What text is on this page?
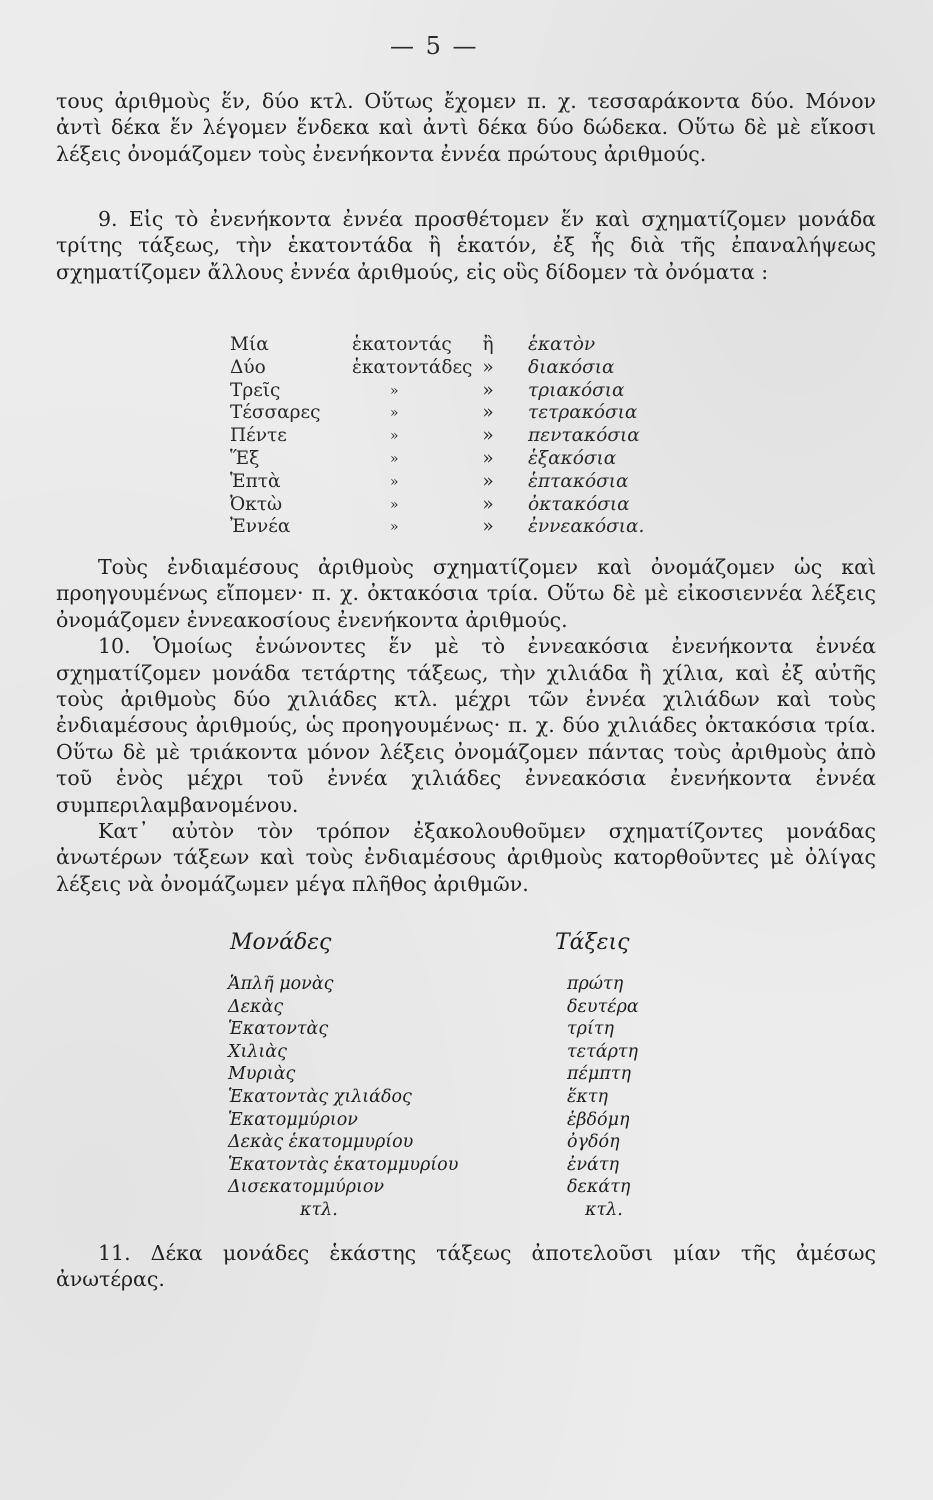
— 5 —

τους ἀριθμοὺς ἕν, δύο κτλ. Οὕτως ἔχομεν π. χ. τεσσαράκοντα δύο. Μόνον ἀντὶ δέκα ἕν λέγομεν ἕνδεκα καὶ ἀντὶ δέκα δύο δώδεκα. Οὕτω δὲ μὲ εἴκοσι λέξεις ὀνομάζομεν τοὺς ἐνενήκοντα ἐννέα πρώτους ἀριθμούς.

9. Εἰς τὸ ἐνενήκοντα ἐννέα προσθέτομεν ἕν καὶ σχηματίζομεν μονάδα τρίτης τάξεως, τὴν ἑκατοντάδα ἢ ἑκατόν, ἐξ ἧς διὰ τῆς ἐπαναλήψεως σχηματίζομεν ἄλλους ἐννέα ἀριθμούς, εἰς οὓς δίδομεν τὰ ὀνόματα :

Μία	ἑκατοντάς ἢ ἑκατὸν
Δύο	ἑκατοντάδες » διακόσια
Τρεῖς	»	» τριακόσια
Τέσσαρες	»	» τετρακόσια
Πέντε	»	» πεντακόσια
Ἕξ	»	» ἑξακόσια
Ἑπτὰ	»	» ἑπτακόσια
Ὀκτὼ	»	» ὀκτακόσια
Ἐννέα	»	» ἐννεακόσια.

Τοὺς ἐνδιαμέσους ἀριθμοὺς σχηματίζομεν καὶ ὀνομάζομεν ὡς καὶ προηγουμένως εἴπομεν· π. χ. ὀκτακόσια τρία. Οὕτω δὲ μὲ εἰκοσιεννέα λέξεις ὀνομάζομεν ἐννεακοσίους ἐνενήκοντα ἀριθμούς.

10. Ὁμοίως ἑνώνοντες ἕν μὲ τὸ ἐννεακόσια ἐνενήκοντα ἐννέα σχηματίζομεν μονάδα τετάρτης τάξεως, τὴν χιλιάδα ἢ χίλια, καὶ ἐξ αὐτῆς τοὺς ἀριθμοὺς δύο χιλιάδες κτλ. μέχρι τῶν ἐννέα χιλιάδων καὶ τοὺς ἐνδιαμέσους ἀριθμούς, ὡς προηγουμένως· π. χ. δύο χιλιάδες ὀκτακόσια τρία. Οὕτω δὲ μὲ τριάκοντα μόνον λέξεις ὀνομάζομεν πάντας τοὺς ἀριθμοὺς ἀπὸ τοῦ ἑνὸς μέχρι τοῦ ἐννέα χιλιάδες ἐννεακόσια ἐνενήκοντα ἐννέα συμπεριλαμβανομένου.

Κατ᾽ αὐτὸν τὸν τρόπον ἐξακολουθοῦμεν σχηματίζοντες μονάδας ἀνωτέρων τάξεων καὶ τοὺς ἐνδιαμέσους ἀριθμοὺς κατορθοῦντες μὲ ὀλίγας λέξεις νὰ ὀνομάζωμεν μέγα πλῆθος ἀριθμῶν.

Μονάδες	Τάξεις
Ἁπλῆ μονὰς	πρώτη
Δεκὰς	δευτέρα
Ἑκατοντὰς	τρίτη
Χιλιὰς	τετάρτη
Μυριὰς	πέμπτη
Ἑκατοντὰς χιλιάδος	ἕκτη
Ἑκατομμύριον	ἑβδόμη
Δεκὰς ἑκατομμυρίου	ὀγδόη
Ἑκατοντὰς ἑκατομμυρίου	ἐνάτη
Δισεκατομμύριον	δεκάτη
κτλ.	κτλ.

11. Δέκα μονάδες ἑκάστης τάξεως ἀποτελοῦσι μίαν τῆς ἀμέσως ἀνωτέρας.
